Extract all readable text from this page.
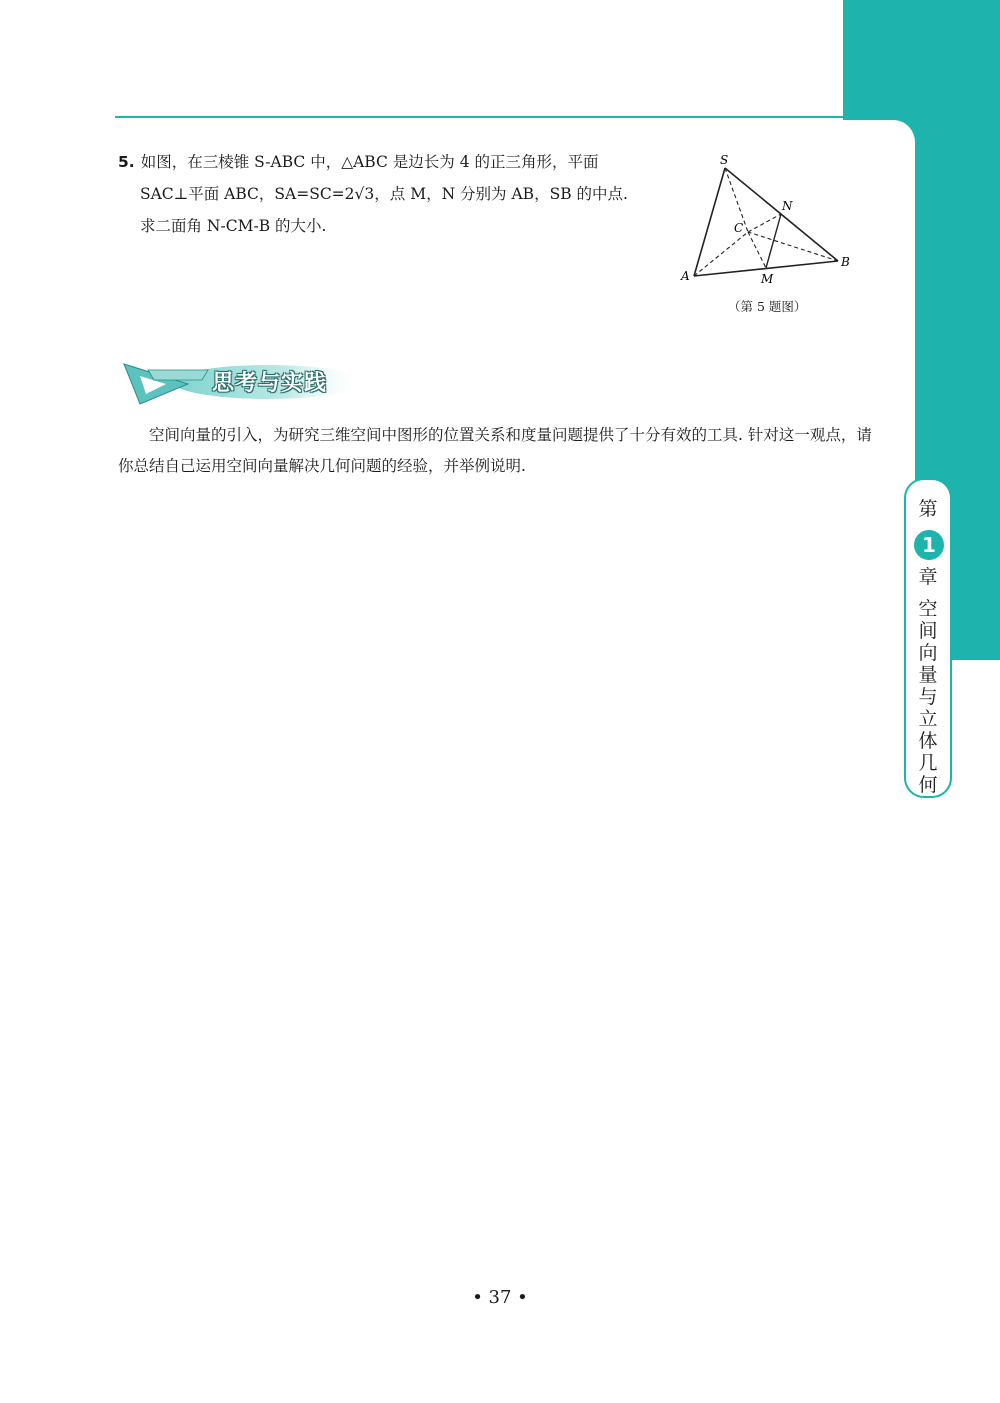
5. 如图，在三棱锥 S-ABC 中，△ABC 是边长为 4 的正三角形，平面
SAC⊥平面 ABC，SA=SC=2√3，点 M，N 分别为 AB，SB 的中点.
求二面角 N-CM-B 的大小.
S
A
B
C
M
N
（第 5 题图）
思考与实践

空间向量的引入，为研究三维空间中图形的位置关系和度量问题提供了十分有效的工具. 针对这一观点，请你总结自己运用空间向量解决几何问题的经验，并举例说明.

第
1
章
空
间
向
量
与
立
体
几
何
• 37 •
